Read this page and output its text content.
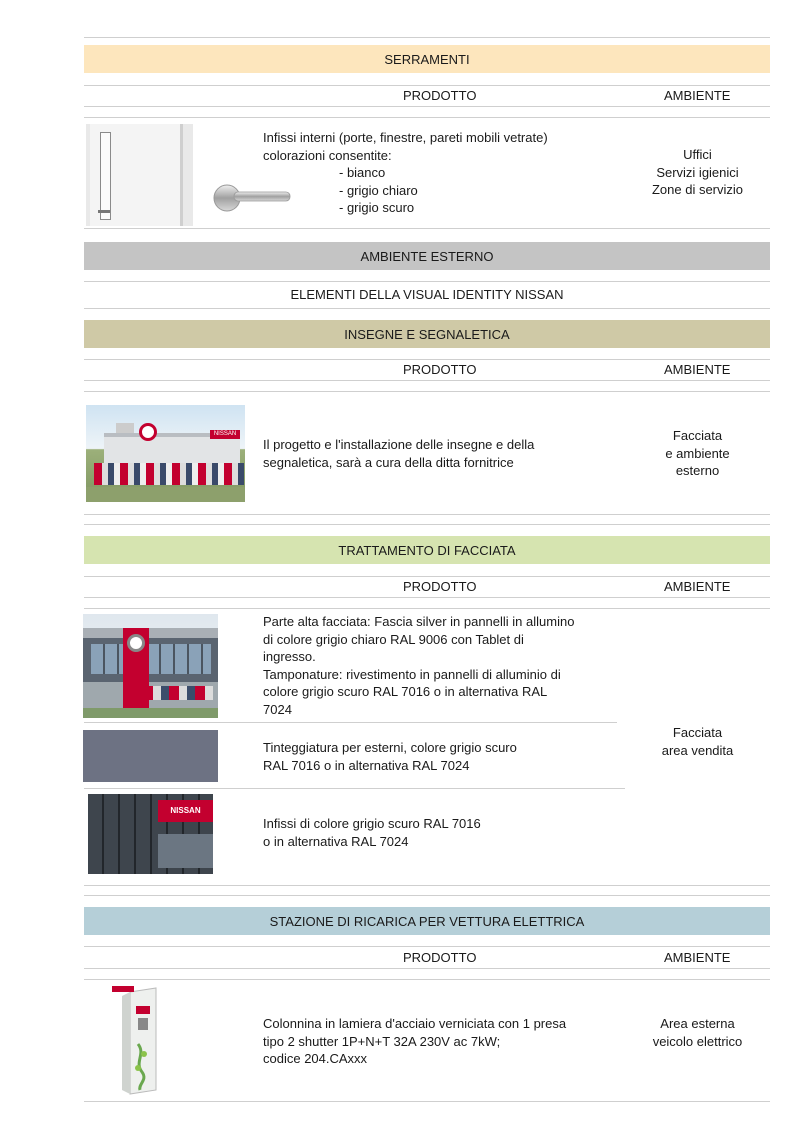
SERRAMENTI
PRODOTTO	AMBIENTE
Infissi interni (porte, finestre, pareti mobili vetrate)
colorazioni consentite:
- bianco
- grigio chiaro
- grigio scuro
Uffici
Servizi igienici
Zone di servizio
AMBIENTE ESTERNO
ELEMENTI DELLA VISUAL IDENTITY NISSAN
INSEGNE E SEGNALETICA
PRODOTTO	AMBIENTE
NISSAN
Il progetto e l'installazione delle insegne e della
segnaletica, sarà a cura della ditta fornitrice
Facciata
e ambiente
esterno
TRATTAMENTO DI FACCIATA
PRODOTTO	AMBIENTE
Parte alta facciata: Fascia silver in pannelli in allumino
di colore grigio chiaro RAL 9006 con Tablet di
ingresso.
Tamponature: rivestimento in pannelli di alluminio di
colore grigio scuro RAL 7016 o in alternativa RAL
7024
Tinteggiatura per esterni, colore grigio scuro
RAL 7016 o in alternativa RAL 7024
NISSAN
Infissi di colore grigio scuro RAL 7016
o in alternativa RAL 7024
Facciata
area vendita
STAZIONE DI RICARICA PER VETTURA ELETTRICA
PRODOTTO	AMBIENTE
Colonnina in lamiera d'acciaio verniciata con 1 presa
tipo 2 shutter 1P+N+T 32A 230V ac 7kW;
codice 204.CAxxx
Area esterna
veicolo elettrico
